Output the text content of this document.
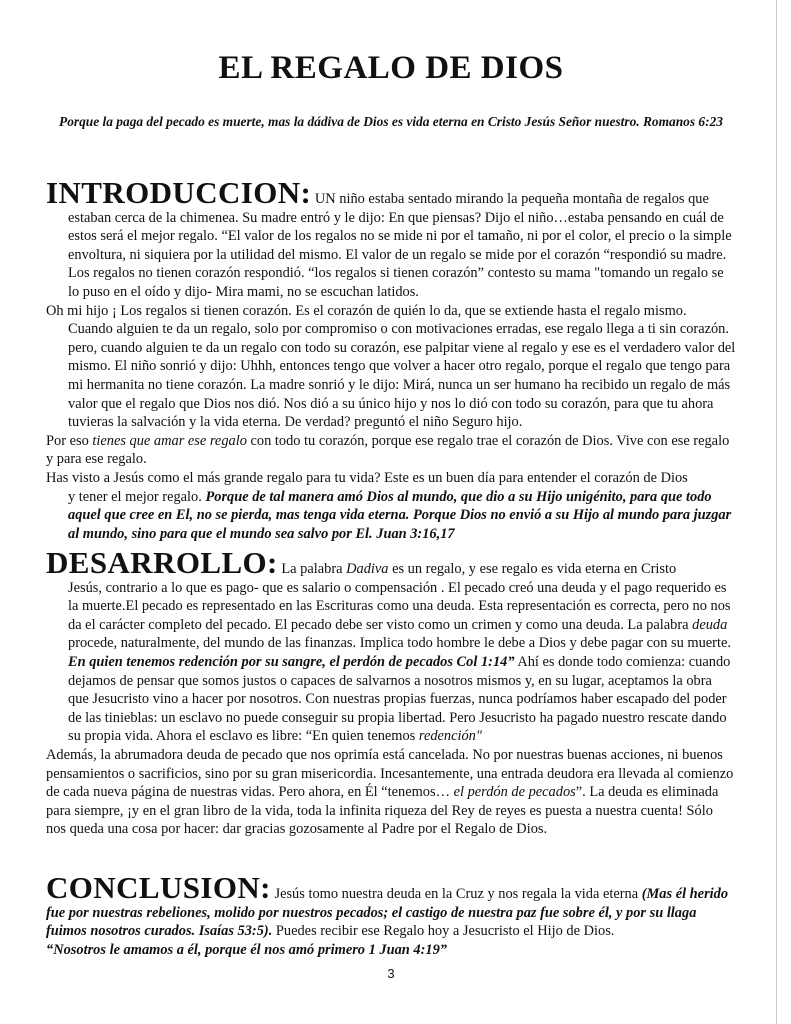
EL REGALO DE DIOS

Porque la paga del pecado es muerte, mas la dádiva de Dios es vida eterna en Cristo Jesús Señor nuestro. Romanos 6:23

INTRODUCCION: UN niño estaba sentado mirando la pequeña montaña de regalos que
estaban cerca de la chimenea. Su madre entró y le dijo: En que piensas? Dijo el niño…estaba pensando en cuál de estos será el mejor regalo. “El valor de los regalos no se mide ni por el tamaño, ni por el color, el precio o la simple envoltura, ni siquiera por la utilidad del mismo. El valor de un regalo se mide por el corazón “respondió su madre. Los regalos no tienen corazón respondió. “los regalos si tienen corazón” contesto su mama "tomando un regalo se lo puso en el oído y dijo- Mira mami, no se escuchan latidos.
Oh mi hijo ¡ Los regalos si tienen corazón. Es el corazón de quién lo da, que se extiende hasta el regalo mismo.
Cuando alguien te da un regalo, solo por compromiso o con motivaciones erradas, ese regalo llega a ti sin corazón. pero, cuando alguien te da un regalo con todo su corazón, ese palpitar viene al regalo y ese es el verdadero valor del mismo. El niño sonrió y dijo: Uhhh, entonces tengo que volver a hacer otro regalo, porque el regalo que tengo para mi hermanita no tiene corazón. La madre sonrió y le dijo: Mirá, nunca un ser humano ha recibido un regalo de más valor que el regalo que Dios nos dió. Nos dió a su único hijo y nos lo dió con todo su corazón, para que tu ahora tuvieras la salvación y la vida eterna. De verdad? preguntó el niño Seguro hijo.
Por eso tienes que amar ese regalo con todo tu corazón, porque ese regalo trae el corazón de Dios. Vive con ese regalo y para ese regalo.
Has visto a Jesús como el más grande regalo para tu vida? Este es un buen día para entender el corazón de Dios
y tener el mejor regalo. Porque de tal manera amó Dios al mundo, que dio a su Hijo unigénito, para que todo aquel que cree en El, no se pierda, mas tenga vida eterna. Porque Dios no envió a su Hijo al mundo para juzgar al mundo, sino para que el mundo sea salvo por El. Juan 3:16,17
DESARROLLO: La palabra Dadiva es un regalo, y ese regalo es vida eterna en Cristo
Jesús, contrario a lo que es pago- que es salario o compensación . El pecado creó una deuda y el pago requerido es la muerte.El pecado es representado en las Escrituras como una deuda. Esta representación es correcta, pero no nos da el carácter completo del pecado. El pecado debe ser visto como un crimen y como una deuda. La palabra deuda procede, naturalmente, del mundo de las finanzas. Implica todo hombre le debe a Dios y debe pagar con su muerte. En quien tenemos redención por su sangre, el perdón de pecados Col 1:14” Ahí es donde todo comienza: cuando dejamos de pensar que somos justos o capaces de salvarnos a nosotros mismos y, en su lugar, aceptamos la obra que Jesucristo vino a hacer por nosotros. Con nuestras propias fuerzas, nunca podríamos haber escapado del poder de las tinieblas: un esclavo no puede conseguir su propia libertad. Pero Jesucristo ha pagado nuestro rescate dando su propia vida. Ahora el esclavo es libre: “En quien tenemos redención"
Además, la abrumadora deuda de pecado que nos oprimía está cancelada. No por nuestras buenas acciones, ni buenos pensamientos o sacrificios, sino por su gran misericordia. Incesantemente, una entrada deudora era llevada al comienzo de cada nueva página de nuestras vidas. Pero ahora, en Él “tenemos… el perdón de pecados”. La deuda es eliminada para siempre, ¡y en el gran libro de la vida, toda la infinita riqueza del Rey de reyes es puesta a nuestra cuenta! Sólo nos queda una cosa por hacer: dar gracias gozosamente al Padre por el Regalo de Dios.
CONCLUSION: Jesús tomo nuestra deuda en la Cruz y nos regala la vida eterna (Mas él herido fue por nuestras rebeliones, molido por nuestros pecados; el castigo de nuestra paz fue sobre él, y por su llaga fuimos nosotros curados. Isaías 53:5). Puedes recibir ese Regalo hoy a Jesucristo el Hijo de Dios.
“Nosotros le amamos a él, porque él nos amó primero 1 Juan 4:19”
3
